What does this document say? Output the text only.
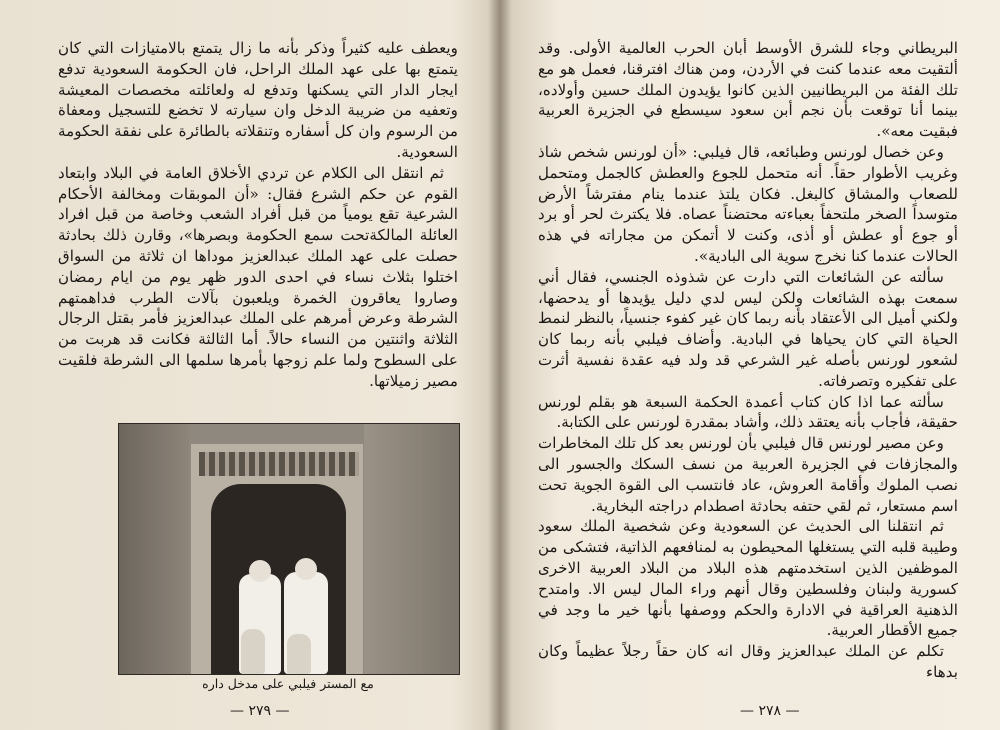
ويعطف عليه كثيراً وذكر بأنه ما زال يتمتع بالامتيازات التي كان يتمتع بها على عهد الملك الراحل، فان الحكومة السعودية تدفع ايجار الدار التي يسكنها وتدفع له ولعائلته مخصصات المعيشة وتعفيه من ضريبة الدخل وان سيارته لا تخضع للتسجيل ومعفاة من الرسوم وان كل أسفاره وتنقلاته بالطائرة على نفقة الحكومة السعودية.

ثم انتقل الى الكلام عن تردي الأخلاق العامة في البلاد وابتعاد القوم عن حكم الشرع فقال: «أن الموبقات ومخالفة الأحكام الشرعية تقع يومياً من قبل أفراد الشعب وخاصة من قبل افراد العائلة المالكةتحت سمع الحكومة وبصرها»، وقارن ذلك بحادثة حصلت على عهد الملك عبدالعزيز موداها ان ثلاثة من السواق اختلوا بثلاث نساء في احدى الدور ظهر يوم من ايام رمضان وصاروا يعاقرون الخمرة ويلعبون بآلات الطرب فداهمتهم الشرطة وعرض أمرهم على الملك عبدالعزيز فأمر بقتل الرجال الثلاثة واثنتين من النساء حالاً. أما الثالثة فكانت قد هربت من على السطوح ولما علم زوجها بأمرها سلمها الى الشرطة فلقيت مصير زميلاتها.

مع المستر فيلبي على مدخل داره
— ٢٧٩ —

البريطاني وجاء للشرق الأوسط أبان الحرب العالمية الأولى. وقد ألتقيت معه عندما كنت في الأردن، ومن هناك افترقنا، فعمل هو مع تلك الفئة من البريطانيين الذين كانوا يؤيدون الملك حسين وأولاده، بينما أنا توقعت بأن نجم أبن سعود سيسطع في الجزيرة العربية فبقيت معه».

وعن خصال لورنس وطبائعه، قال فيلبي: «أن لورنس شخص شاذ وغريب الأطوار حقاً. أنه متحمل للجوع والعطش كالجمل ومتحمل للصعاب والمشاق كالبغل. فكان يلتذ عندما ينام مفترشاً الأرض متوسداً الصخر ملتحفاً بعباءته محتضناً عصاه. فلا يكترث لحر أو برد أو جوع أو عطش أو أذى، وكنت لا أتمكن من مجاراته في هذه الحالات عندما كنا نخرج سوية الى البادية».

سألته عن الشائعات التي دارت عن شذوذه الجنسي، فقال أني سمعت بهذه الشائعات ولكن ليس لدي دليل يؤيدها أو يدحضها، ولكني أميل الى الأعتقاد بأنه ربما كان غير كفوء جنسياً، بالنظر لنمط الحياة التي كان يحياها في البادية. وأضاف فيلبي بأنه ربما كان لشعور لورنس بأصله غير الشرعي قد ولد فيه عقدة نفسية أثرت على تفكيره وتصرفاته.

سألته عما اذا كان كتاب أعمدة الحكمة السبعة هو بقلم لورنس حقيقة، فأجاب بأنه يعتقد ذلك، وأشاد بمقدرة لورنس على الكتابة.

وعن مصير لورنس قال فيلبي بأن لورنس بعد كل تلك المخاطرات والمجازفات في الجزيرة العربية من نسف السكك والجسور الى نصب الملوك وأقامة العروش، عاد فانتسب الى القوة الجوية تحت اسم مستعار، ثم لقي حتفه بحادثة اصطدام دراجته البخارية.

ثم انتقلنا الى الحديث عن السعودية وعن شخصية الملك سعود وطيبة قلبه التي يستغلها المحيطون به لمنافعهم الذاتية، فتشكى من الموظفين الذين استخدمتهم هذه البلاد من البلاد العربية الاخرى كسورية ولبنان وفلسطين وقال أنهم وراء المال ليس الا. وامتدح الذهنية العراقية في الادارة والحكم ووصفها بأنها خير ما وجد في جميع الأقطار العربية.

تكلم عن الملك عبدالعزيز وقال انه كان حقاً رجلاً عظيماً وكان بدهاء

— ٢٧٨ —
